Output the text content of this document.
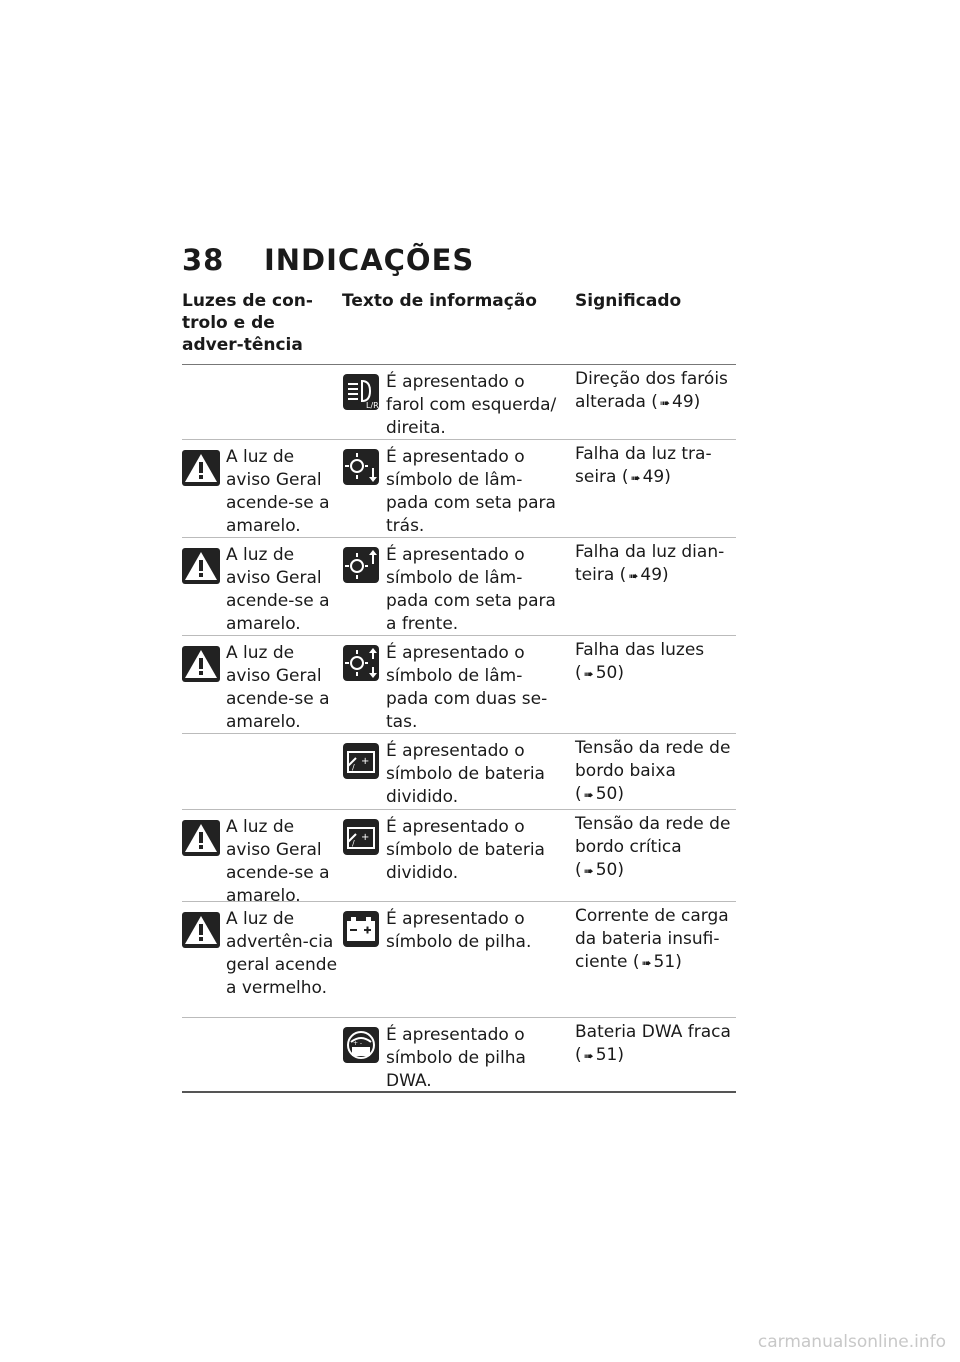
38	INDICAÇÕES
Luzes de con-trolo e de adver-tência
Texto de informação	Significado
L/R
É apresentado o farol com esquerda/ direita.
Direção dos faróis alterada ( ➠ 49)
A luz de aviso Geral acende-se a amarelo.
É apresentado o símbolo de lâm-pada com seta para trás.
Falha da luz tra-seira ( ➠ 49)
A luz de aviso Geral acende-se a amarelo.
É apresentado o símbolo de lâm-pada com seta para a frente.
Falha da luz dian-teira ( ➠ 49)
A luz de aviso Geral acende-se a amarelo.
É apresentado o símbolo de lâm-pada com duas se-tas.
Falha das luzes
( ➠ 50)
+
/
É apresentado o símbolo de bateria dividido.
Tensão da rede de bordo baixa
( ➠ 50)
A luz de aviso Geral acende-se a amarelo.
+
/
É apresentado o símbolo de bateria dividido.
Tensão da rede de bordo crítica
( ➠ 50)
A luz de advertên-cia geral acende a vermelho.
É apresentado o símbolo de pilha.
Corrente de carga da bateria insufi-ciente ( ➠ 51)
+ - É apresentado o símbolo de pilha DWA.
Bateria DWA fraca ( ➠ 51)
carmanualsonline.info
